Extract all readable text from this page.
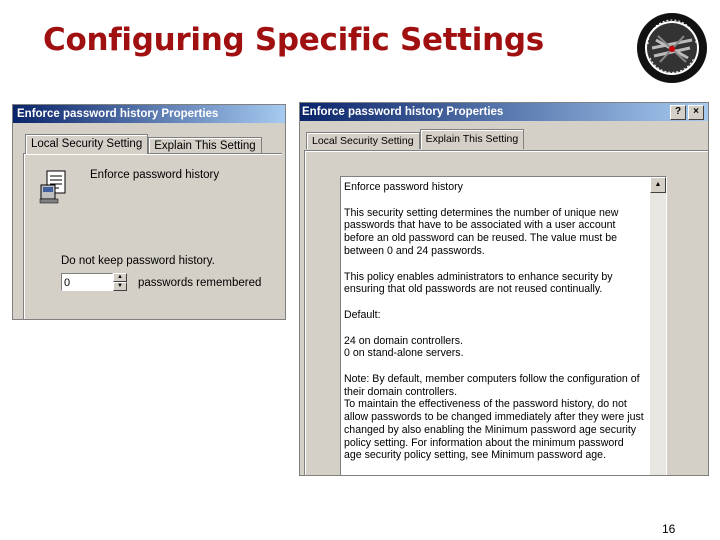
Configuring Specific Settings
Enforce password history Properties
Local Security Setting	Explain This Setting
Enforce password history
Do not keep password history.
0	▲
▼	passwords remembered
Enforce password history Properties	?	×
Local Security Setting	Explain This Setting

Enforce password history

This security setting determines the number of unique new passwords that have to be associated with a user account before an old password can be reused. The value must be between 0 and 24 passwords.

This policy enables administrators to enhance security by ensuring that old passwords are not reused continually.

Default:

24 on domain controllers.

0 on stand-alone servers.

Note: By default, member computers follow the configuration of their domain controllers.
To maintain the effectiveness of the password history, do not allow passwords to be changed immediately after they were just changed by also enabling the Minimum password age security policy setting. For information about the minimum password age security policy setting, see Minimum password age.
▲
16
